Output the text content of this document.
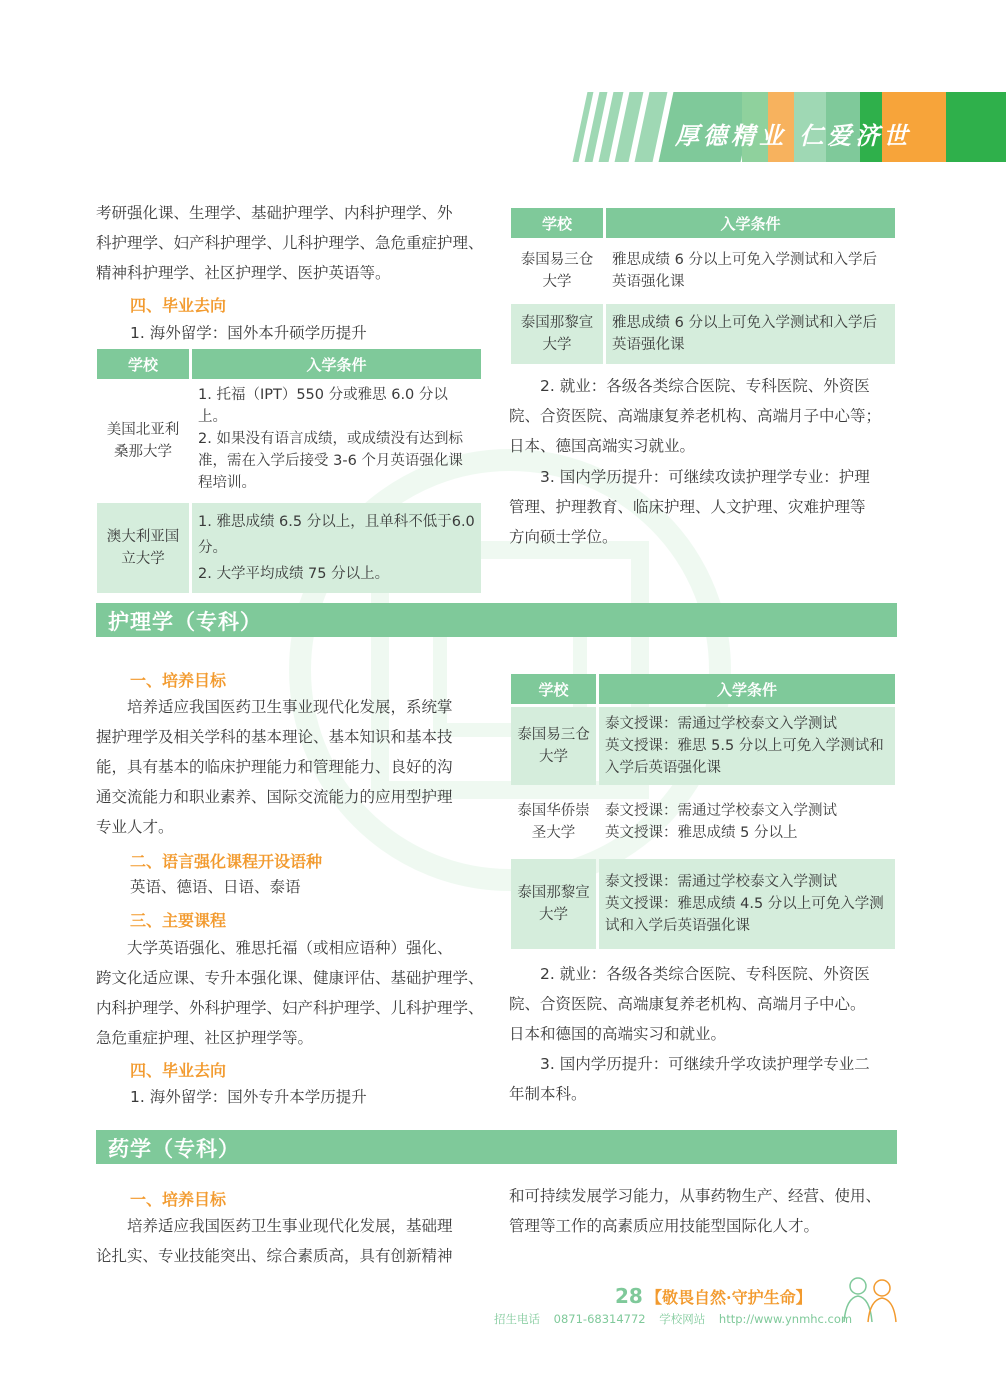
厚德精业 仁爱济世
考研强化课、生理学、基础护理学、内科护理学、外
科护理学、妇产科护理学、儿科护理学、急危重症护理、
精神科护理学、社区护理学、医护英语等。
四、毕业去向
1. 海外留学：国外本升硕学历提升
学校	入学条件
美国北亚利桑那大学	1. 托福（IPT）550 分或雅思 6.0 分以上。
2. 如果没有语言成绩，或成绩没有达到标准，需在入学后接受 3-6 个月英语强化课程培训。
澳大利亚国立大学	1. 雅思成绩 6.5 分以上，且单科不低于6.0 分。
2. 大学平均成绩 75 分以上。
学校	入学条件
泰国易三仓大学	雅思成绩 6 分以上可免入学测试和入学后英语强化课
泰国那黎宣大学	雅思成绩 6 分以上可免入学测试和入学后英语强化课
2. 就业：各级各类综合医院、专科医院、外资医
院、合资医院、高端康复养老机构、高端月子中心等；
日本、德国高端实习就业。
3. 国内学历提升：可继续攻读护理学专业：护理
管理、护理教育、临床护理、人文护理、灾难护理等
方向硕士学位。
护理学（专科）
一、培养目标
培养适应我国医药卫生事业现代化发展，系统掌
握护理学及相关学科的基本理论、基本知识和基本技
能，具有基本的临床护理能力和管理能力、良好的沟
通交流能力和职业素养、国际交流能力的应用型护理
专业人才。
二、语言强化课程开设语种
英语、德语、日语、泰语
三、主要课程
大学英语强化、雅思托福（或相应语种）强化、
跨文化适应课、专升本强化课、健康评估、基础护理学、
内科护理学、外科护理学、妇产科护理学、儿科护理学、
急危重症护理、社区护理学等。
四、毕业去向
1. 海外留学：国外专升本学历提升
学校	入学条件
泰国易三仓大学	泰文授课：需通过学校泰文入学测试
英文授课：雅思 5.5 分以上可免入学测试和入学后英语强化课
泰国华侨崇圣大学	泰文授课：需通过学校泰文入学测试
英文授课：雅思成绩 5 分以上
泰国那黎宣大学	泰文授课：需通过学校泰文入学测试
英文授课：雅思成绩 4.5 分以上可免入学测试和入学后英语强化课
2. 就业：各级各类综合医院、专科医院、外资医
院、合资医院、高端康复养老机构、高端月子中心。
日本和德国的高端实习和就业。
3. 国内学历提升：可继续升学攻读护理学专业二
年制本科。
药学（专科）
一、培养目标
培养适应我国医药卫生事业现代化发展，基础理
论扎实、专业技能突出、综合素质高，具有创新精神
和可持续发展学习能力，从事药物生产、经营、使用、
管理等工作的高素质应用技能型国际化人才。
28 【敬畏自然·守护生命】
招生电话 0871-68314772 学校网站 http://www.ynmhc.com
